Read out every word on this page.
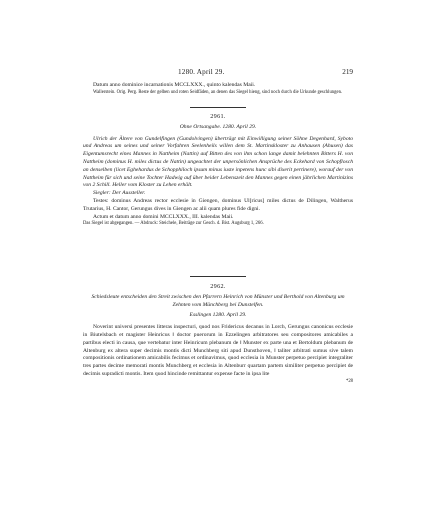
1280. April 29.	219

Datum anno dominice incarnationis MCCLXXX., quinto kalendas Maii.

Wallerstein. Orig. Perg. Reste der gelben und roten Seidfäden, an denen das Siegel hieng, sind noch durch die Urkunde geschlungen.

2961.

Ohne Ortsangabe. 1280. April 29.

Ulrich der Ältere von Gundelfingen (Gundolvingen) überträgt mit Einwilligung seiner Söhne Degenhard, Syboto und Andreas um seines und seiner Vorfahren Seelenheils willen dem St. Martinskloster zu Anhausen (Ahusen) das Eigentumsrecht eines Mannes in Nattheim (Nattin) auf Bitten des von ihm schon lange damit belehnten Bitters H. von Nattheim (dominus H. miles dictus de Nattin) ungeachtet der unpersönlichen Ansprüche des Eckehard von Schopflosch an denselben (licet Eghehardus de Schopphiloch ipsum minus iuste inpetens hunc sibi dixerit pertinere), worauf der von Nattheim für sich und seine Tochter Hadwig auf über beider Lebenszeit den Mannes gegen einen jährlichen Martinizins von 2 Schill. Heller vom Kloster zu Lehen erhält.

Siegler: Der Aussteller.

Testes: dominus Andreas rector ecclesie in Giengen, dominus Ul[ricus] miles dictus de Dilingen, Waltherus Trutarius, H. Cantor, Gerungus dives in Giengen ac alii quam plures fide digni.

Actum et datum anno domini MCCLXXX., III. kalendas Maii.

Das Siegel ist abgegangen. — Abdruck: Steichele, Beiträge zur Gesch. d. Bist. Augsburg 1, 266.

2962.

Schiedsleute entscheiden den Streit zwischen den Pfarrern Heinrich von Münster und Berthold von Altenburg um Zehnten vom Münchberg bei Dunstelfen.

Esslingen 1280. April 29.

Noverint universi presentes litteras inspecturi, quod nos Fridericus decanus in Lorch, Gerungus canonicus ecclesie in Biutelsbach et magister Heinricus ǁ doctor puerorum in Ezzelingen arbitratores seu compositores amicabiles a partibus electi in causa, que vertebatur inter Heinricum plebanum de ǁ Munster ex parte una et Bertoldum plebanum de Altenburg ex altera super decimis montis dicti Munchberg siti apud Dunsthoven, ǁ taliter arbitrati sumus sive talem compositionis ordinationem amicabilis fecimus et ordinavimus, quod ecclesia in Munster perpetuo percipiet integraliter tres partes decime memorati montis Munchberg et ecclesia in Altenburr quartam partem similiter perpetuo percipiet de decimis supradicti montis. Item quod hincinde remittantur expense facte in ipsa lite

*28
